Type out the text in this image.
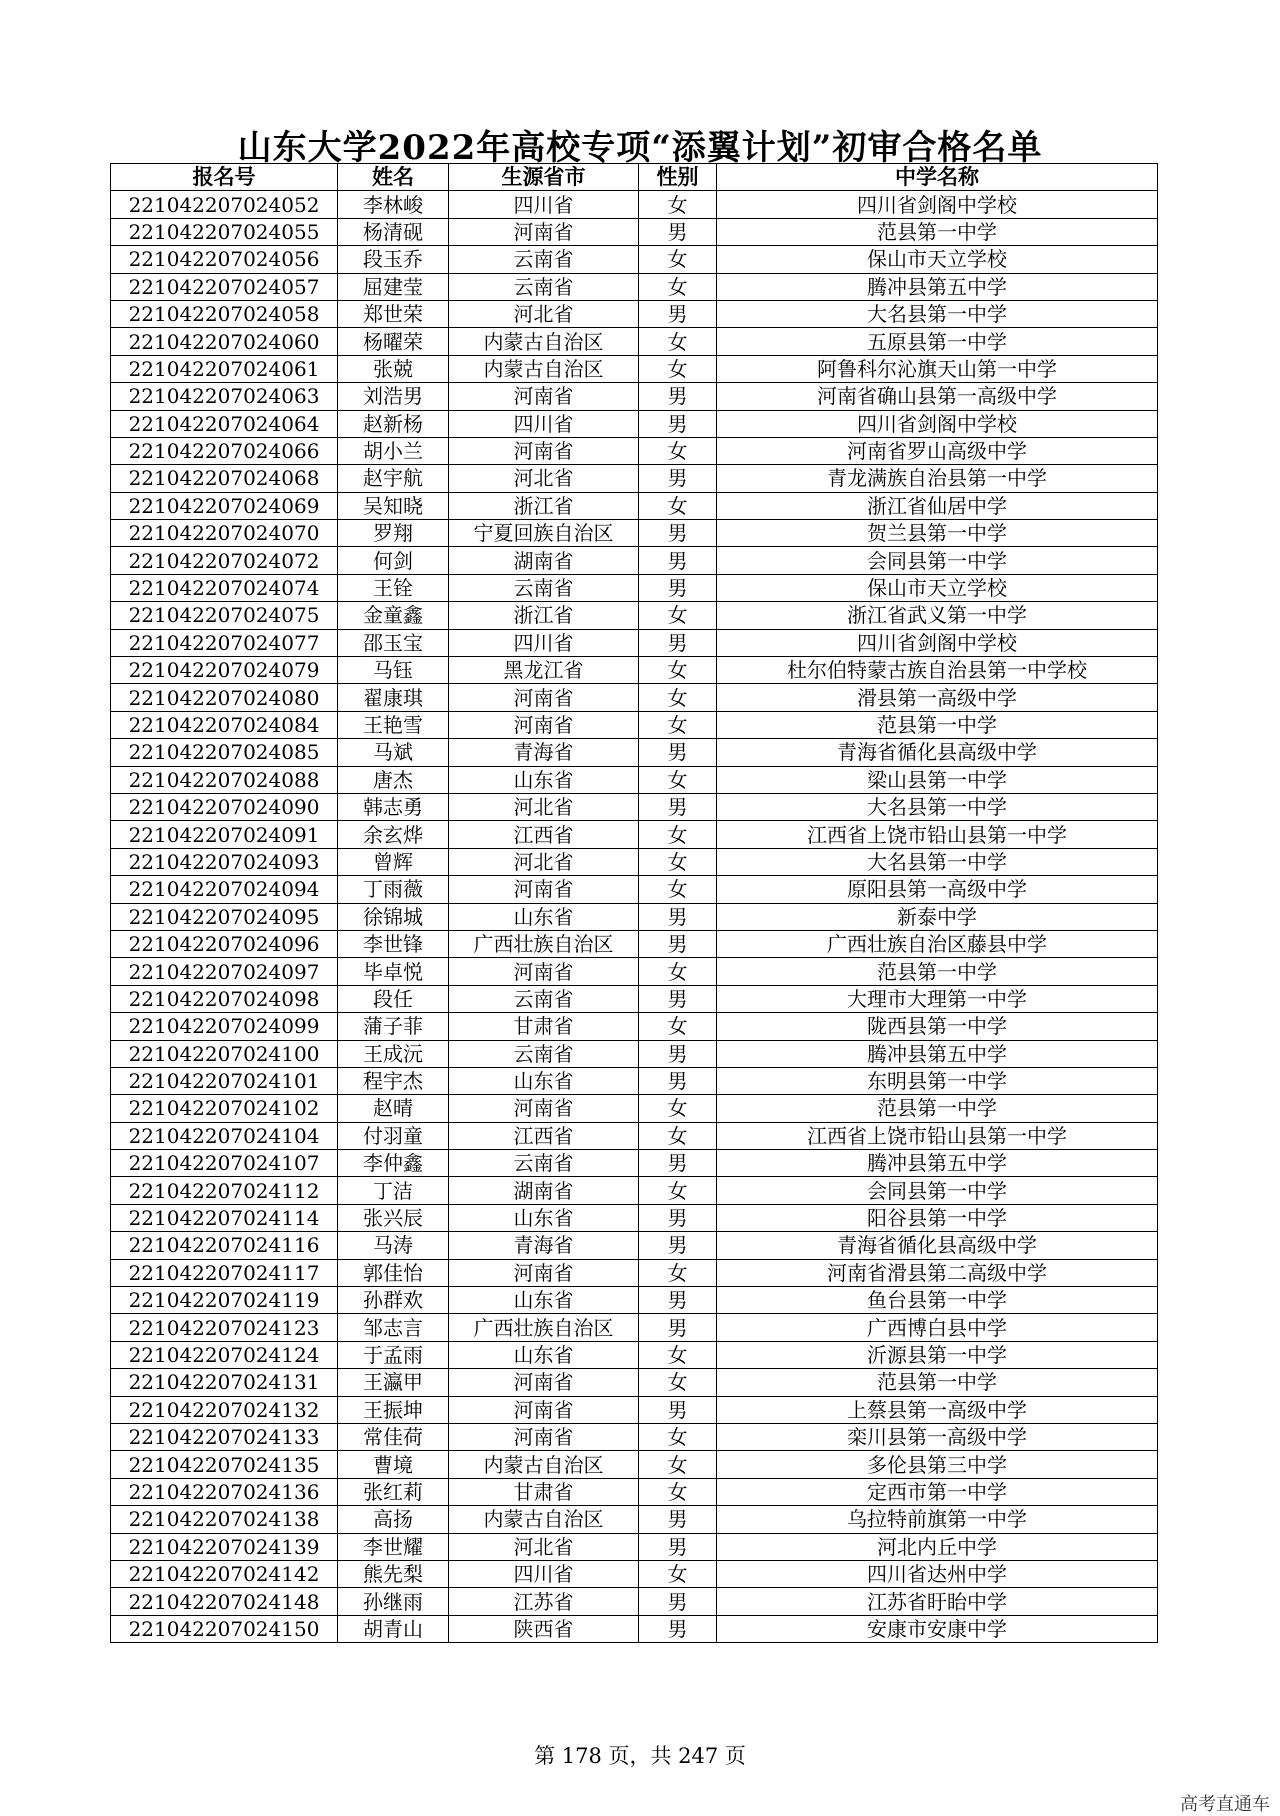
山东大学2022年高校专项“添翼计划”初审合格名单
报名号	姓名	生源省市	性别	中学名称
221042207024052	李林峻	四川省	女	四川省剑阁中学校
221042207024055	杨清砚	河南省	男	范县第一中学
221042207024056	段玉乔	云南省	女	保山市天立学校
221042207024057	屈建莹	云南省	女	腾冲县第五中学
221042207024058	郑世荣	河北省	男	大名县第一中学
221042207024060	杨曜荣	内蒙古自治区	女	五原县第一中学
221042207024061	张兢	内蒙古自治区	女	阿鲁科尔沁旗天山第一中学
221042207024063	刘浩男	河南省	男	河南省确山县第一高级中学
221042207024064	赵新杨	四川省	男	四川省剑阁中学校
221042207024066	胡小兰	河南省	女	河南省罗山高级中学
221042207024068	赵宇航	河北省	男	青龙满族自治县第一中学
221042207024069	吴知晓	浙江省	女	浙江省仙居中学
221042207024070	罗翔	宁夏回族自治区	男	贺兰县第一中学
221042207024072	何剑	湖南省	男	会同县第一中学
221042207024074	王铨	云南省	男	保山市天立学校
221042207024075	金童鑫	浙江省	女	浙江省武义第一中学
221042207024077	邵玉宝	四川省	男	四川省剑阁中学校
221042207024079	马钰	黑龙江省	女	杜尔伯特蒙古族自治县第一中学校
221042207024080	翟康琪	河南省	女	滑县第一高级中学
221042207024084	王艳雪	河南省	女	范县第一中学
221042207024085	马斌	青海省	男	青海省循化县高级中学
221042207024088	唐杰	山东省	女	梁山县第一中学
221042207024090	韩志勇	河北省	男	大名县第一中学
221042207024091	余玄烨	江西省	女	江西省上饶市铅山县第一中学
221042207024093	曾辉	河北省	女	大名县第一中学
221042207024094	丁雨薇	河南省	女	原阳县第一高级中学
221042207024095	徐锦城	山东省	男	新泰中学
221042207024096	李世锋	广西壮族自治区	男	广西壮族自治区藤县中学
221042207024097	毕卓悦	河南省	女	范县第一中学
221042207024098	段任	云南省	男	大理市大理第一中学
221042207024099	蒲子菲	甘肃省	女	陇西县第一中学
221042207024100	王成沅	云南省	男	腾冲县第五中学
221042207024101	程宇杰	山东省	男	东明县第一中学
221042207024102	赵晴	河南省	女	范县第一中学
221042207024104	付羽童	江西省	女	江西省上饶市铅山县第一中学
221042207024107	李仲鑫	云南省	男	腾冲县第五中学
221042207024112	丁洁	湖南省	女	会同县第一中学
221042207024114	张兴辰	山东省	男	阳谷县第一中学
221042207024116	马涛	青海省	男	青海省循化县高级中学
221042207024117	郭佳怡	河南省	女	河南省滑县第二高级中学
221042207024119	孙群欢	山东省	男	鱼台县第一中学
221042207024123	邹志言	广西壮族自治区	男	广西博白县中学
221042207024124	于孟雨	山东省	女	沂源县第一中学
221042207024131	王瀛甲	河南省	女	范县第一中学
221042207024132	王振坤	河南省	男	上蔡县第一高级中学
221042207024133	常佳荷	河南省	女	栾川县第一高级中学
221042207024135	曹境	内蒙古自治区	女	多伦县第三中学
221042207024136	张红莉	甘肃省	女	定西市第一中学
221042207024138	高扬	内蒙古自治区	男	乌拉特前旗第一中学
221042207024139	李世耀	河北省	男	河北内丘中学
221042207024142	熊先梨	四川省	女	四川省达州中学
221042207024148	孙继雨	江苏省	男	江苏省盱眙中学
221042207024150	胡青山	陕西省	男	安康市安康中学
第 178 页，共 247 页
高考直通车
